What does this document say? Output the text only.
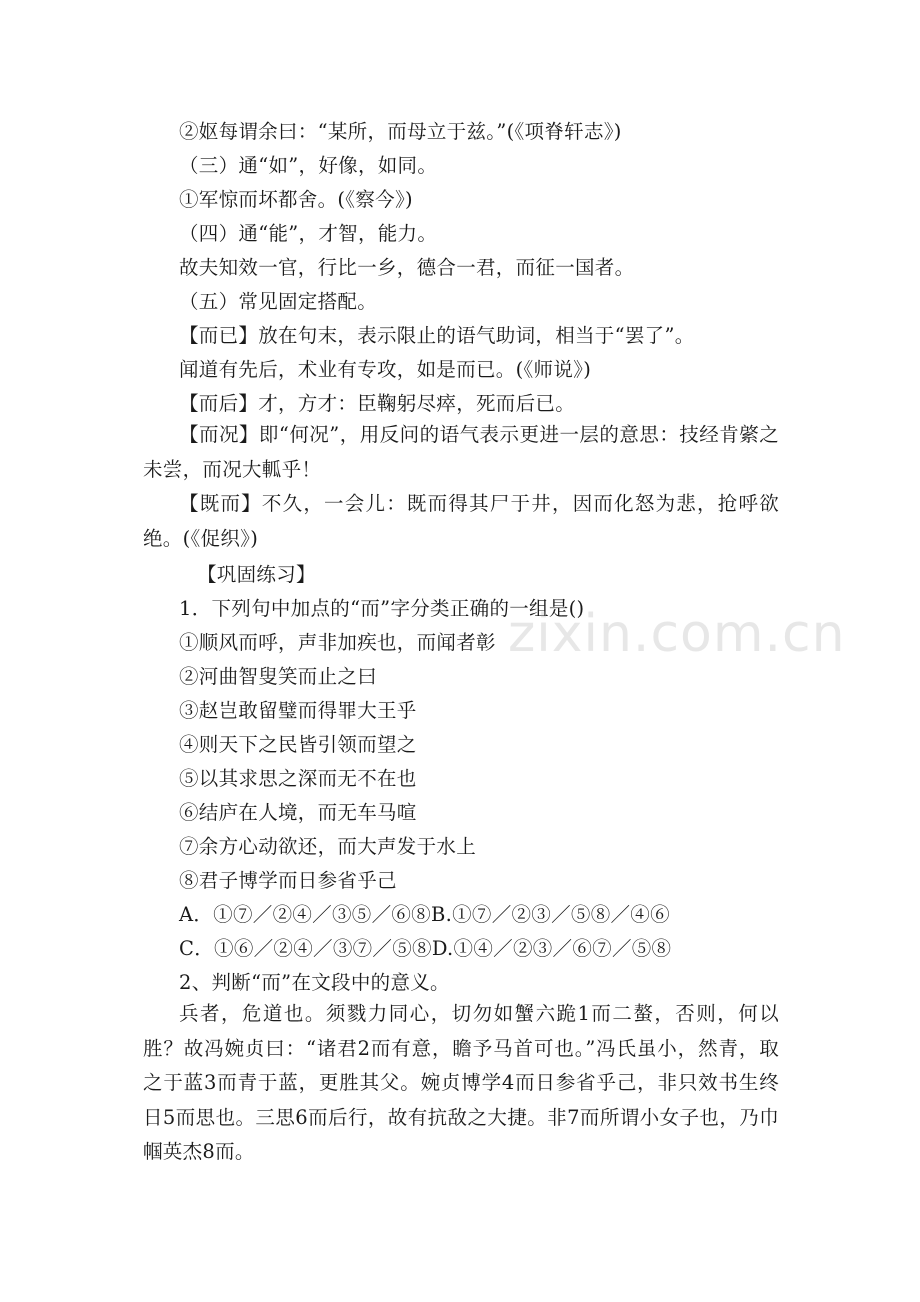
②妪每谓余曰：“某所，而母立于兹。”(《项脊轩志》)
（三）通“如”，好像，如同。
①军惊而坏都舍。(《察今》)
（四）通“能”，才智，能力。
故夫知效一官，行比一乡，德合一君，而征一国者。
（五）常见固定搭配。
【而已】放在句末，表示限止的语气助词，相当于“罢了”。
闻道有先后，术业有专攻，如是而已。(《师说》)
【而后】才，方才：臣鞠躬尽瘁，死而后已。

【而况】即“何况”，用反问的语气表示更进一层的意思：技经肯綮之未尝，而况大軱乎！

【既而】不久，一会儿：既而得其尸于井，因而化怒为悲，抢呼欲绝。(《促织》)

【巩固练习】
1．下列句中加点的“而”字分类正确的一组是()
①顺风而呼，声非加疾也，而闻者彰
②河曲智叟笑而止之曰
③赵岂敢留璧而得罪大王乎
④则天下之民皆引领而望之
⑤以其求思之深而无不在也
⑥结庐在人境，而无车马喧
⑦余方心动欲还，而大声发于水上
⑧君子博学而日参省乎己
A．①⑦／②④／③⑤／⑥⑧B.①⑦／②③／⑤⑧／④⑥
C．①⑥／②④／③⑦／⑤⑧D.①④／②③／⑥⑦／⑤⑧
2、判断“而”在文段中的意义。

兵者，危道也。须戮力同心，切勿如蟹六跪1而二螯，否则，何以胜？故冯婉贞曰：“诸君2而有意，瞻予马首可也。”冯氏虽小，然青，取之于蓝3而青于蓝，更胜其父。婉贞博学4而日参省乎己，非只效书生终日5而思也。三思6而后行，故有抗敌之大捷。非7而所谓小女子也，乃巾帼英杰8而。

zixin.com.cn
